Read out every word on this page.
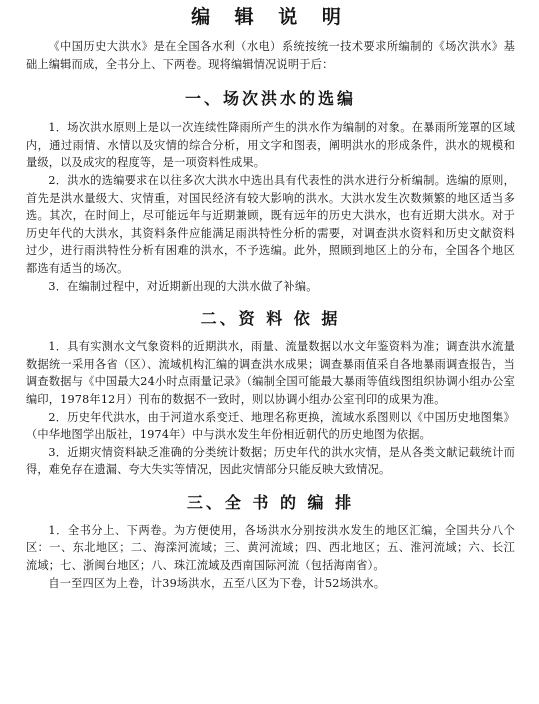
编 辑 说 明

《中国历史大洪水》是在全国各水利（水电）系统按统一技术要求所编制的《场次洪水》基础上编辑而成，全书分上、下两卷。现将编辑情况说明于后：

一、场次洪水的选编

1．场次洪水原则上是以一次连续性降雨所产生的洪水作为编制的对象。在暴雨所笼罩的区域内，通过雨情、水情以及灾情的综合分析，用文字和图表，阐明洪水的形成条件，洪水的规模和量级，以及成灾的程度等，是一项资料性成果。

2．洪水的选编要求在以往多次大洪水中选出具有代表性的洪水进行分析编制。选编的原则，首先是洪水量级大、灾情重，对国民经济有较大影响的洪水。大洪水发生次数频繁的地区适当多选。其次，在时间上，尽可能远年与近期兼顾，既有远年的历史大洪水，也有近期大洪水。对于历史年代的大洪水，其资料条件应能满足雨洪特性分析的需要，对调查洪水资料和历史文献资料过少，进行雨洪特性分析有困难的洪水，不予选编。此外，照顾到地区上的分布，全国各个地区都选有适当的场次。

3．在编制过程中，对近期新出现的大洪水做了补编。

二、资 料 依 据

1．具有实测水文气象资料的近期洪水，雨量、流量数据以水文年鉴资料为准；调查洪水流量数据统一采用各省（区）、流域机构汇编的调查洪水成果；调查暴雨值采自各地暴雨调查报告，当调查数据与《中国最大24小时点雨量记录》（编制全国可能最大暴雨等值线图组织协调小组办公室编印，1978年12月）刊布的数据不一致时，则以协调小组办公室刊印的成果为准。

2．历史年代洪水，由于河道水系变迁、地理名称更换，流域水系图则以《中国历史地图集》（中华地图学出版社，1974年）中与洪水发生年份相近朝代的历史地图为依据。

3．近期灾情资料缺乏准确的分类统计数据；历史年代的洪水灾情，是从各类文献记载统计而得，难免存在遗漏、夸大失实等情况，因此灾情部分只能反映大致情况。

三、全 书 的 编 排

1．全书分上、下两卷。为方便使用，各场洪水分别按洪水发生的地区汇编，全国共分八个区：一、东北地区；二、海滦河流域；三、黄河流域；四、西北地区；五、淮河流域；六、长江流域；七、浙闽台地区；八、珠江流域及西南国际河流（包括海南省）。

自一至四区为上卷，计39场洪水，五至八区为下卷，计52场洪水。
